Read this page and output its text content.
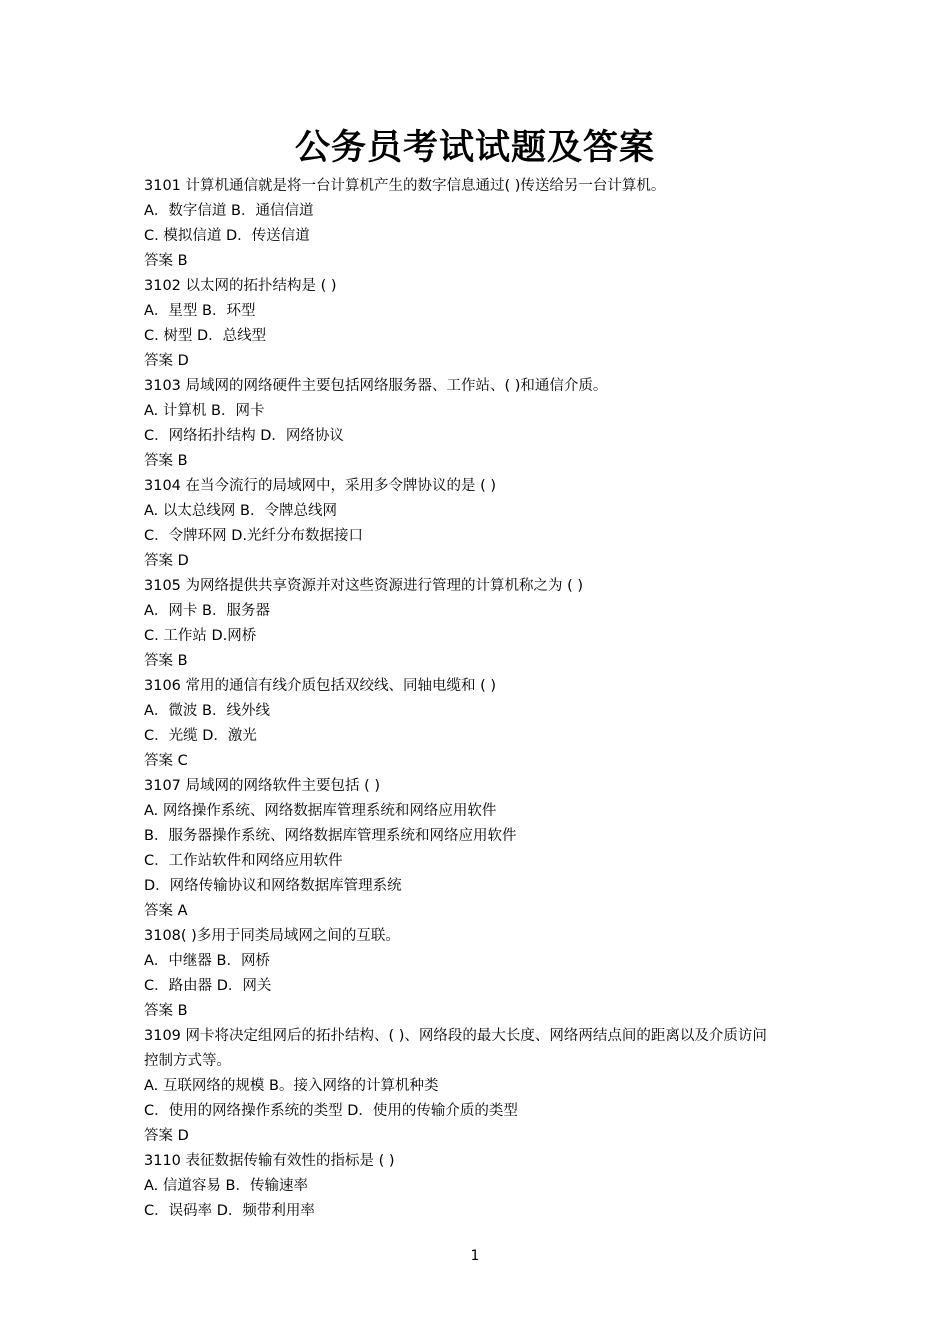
公务员考试试题及答案
3101 计算机通信就是将一台计算机产生的数字信息通过( )传送给另一台计算机。
A．数字信道 B．通信信道
C. 模拟信道 D．传送信道
答案 B
3102 以太网的拓扑结构是 ( )
A．星型 B．环型
C. 树型 D．总线型
答案 D
3103 局域网的网络硬件主要包括网络服务器、工作站、( )和通信介质。
A. 计算机 B．网卡
C．网络拓扑结构 D．网络协议
答案 B
3104 在当今流行的局域网中，采用多令牌协议的是 ( )
A. 以太总线网 B．令牌总线网
C．令牌环网 D.光纤分布数据接口
答案 D
3105 为网络提供共享资源并对这些资源进行管理的计算机称之为 ( )
A．网卡 B．服务器
C. 工作站 D.网桥
答案 B
3106 常用的通信有线介质包括双绞线、同轴电缆和 ( )
A．微波 B．线外线
C．光缆 D．激光
答案 C
3107 局域网的网络软件主要包括 ( )
A. 网络操作系统、网络数据库管理系统和网络应用软件
B．服务器操作系统、网络数据库管理系统和网络应用软件
C．工作站软件和网络应用软件
D．网络传输协议和网络数据库管理系统
答案 A
3108( )多用于同类局域网之间的互联。
A．中继器 B．网桥
C．路由器 D．网关
答案 B
3109 网卡将决定组网后的拓扑结构、( )、网络段的最大长度、网络两结点间的距离以及介质访问
控制方式等。
A. 互联网络的规模 B。接入网络的计算机种类
C．使用的网络操作系统的类型 D．使用的传输介质的类型
答案 D
3110 表征数据传输有效性的指标是 ( )
A. 信道容易 B．传输速率
C．误码率 D．频带利用率
1
